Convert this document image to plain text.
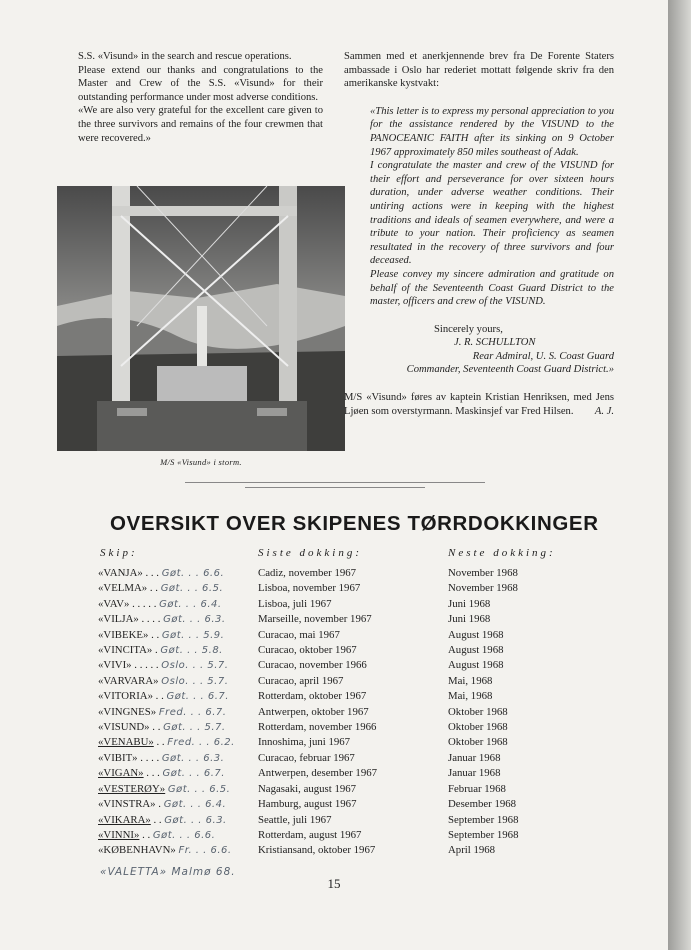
S.S. «Visund» in the search and rescue operations.

Please extend our thanks and congratulations to the Master and Crew of the S.S. «Visund» for their outstanding performance under most adverse conditions.

«We are also very grateful for the excellent care given to the three survivors and remains of the four crewmen that were recovered.»

M/S «Visund» i storm.

Sammen med et anerkjennende brev fra De Forente Staters ambassade i Oslo har rederiet mottatt følgende skriv fra den amerikanske kystvakt:

«This letter is to express my personal appreciation to you for the assistance rendered by the VISUND to the PANOCEANIC FAITH after its sinking on 9 October 1967 approximately 850 miles southeast of Adak.

I congratulate the master and crew of the VISUND for their effort and perseverance for over sixteen hours duration, under adverse weather conditions. Their untiring actions were in keeping with the highest traditions and ideals of seamen everywhere, and were a tribute to your nation. Their proficiency as seamen resultated in the recovery of three survivors and four deceased.

Please convey my sincere admiration and gratitude on behalf of the Seventeenth Coast Guard District to the master, officers and crew of the VISUND.

Sincerely yours,
J. R. SCHULLTON
Rear Admiral, U. S. Coast Guard
Commander, Seventeenth Coast Guard District.»

M/S «Visund» føres av kaptein Kristian Henriksen, med Jens Ljøen som overstyrmann. Maskinsjef var Fred Hilsen. A. J.

OVERSIKT OVER SKIPENES TØRRDOKKINGER
Skip:	Siste dokking:	Neste dokking:
«VANJA» . . . Gøt. . . 6.6.	Cadiz, november 1967	November 1968
«VELMA» . . Gøt. . . 6.5.	Lisboa, november 1967	November 1968
«VAV» . . . . . Gøt. . . 6.4.	Lisboa, juli 1967	Juni 1968
«VILJA» . . . . Gøt. . . 6.3.	Marseille, november 1967	Juni 1968
«VIBEKE» . . Gøt. . . 5.9.	Curacao, mai 1967	August 1968
«VINCITA» . Gøt. . . 5.8.	Curacao, oktober 1967	August 1968
«VIVI» . . . . . Oslo. . . 5.7.	Curacao, november 1966	August 1968
«VARVARA» Oslo. . . 5.7.	Curacao, april 1967	Mai, 1968
«VITORIA» . . Gøt. . . 6.7.	Rotterdam, oktober 1967	Mai, 1968
«VINGNES» Fred. . . 6.7.	Antwerpen, oktober 1967	Oktober 1968
«VISUND» . . Gøt. . . 5.7.	Rotterdam, november 1966	Oktober 1968
«VENABU» . . Fred. . . 6.2.	Innoshima, juni 1967	Oktober 1968
«VIBIT» . . . . Gøt. . . 6.3.	Curacao, februar 1967	Januar 1968
«VIGAN» . . . Gøt. . . 6.7.	Antwerpen, desember 1967	Januar 1968
«VESTERØY» Gøt. . . 6.5.	Nagasaki, august 1967	Februar 1968
«VINSTRA» . Gøt. . . 6.4.	Hamburg, august 1967	Desember 1968
«VIKARA» . . Gøt. . . 6.3.	Seattle, juli 1967	September 1968
«VINNI» . . Gøt. . . 6.6.	Rotterdam, august 1967	September 1968
«KØBENHAVN» Fr. . . 6.6.	Kristiansand, oktober 1967	April 1968
«VALETTA» Malmø 68.
15
